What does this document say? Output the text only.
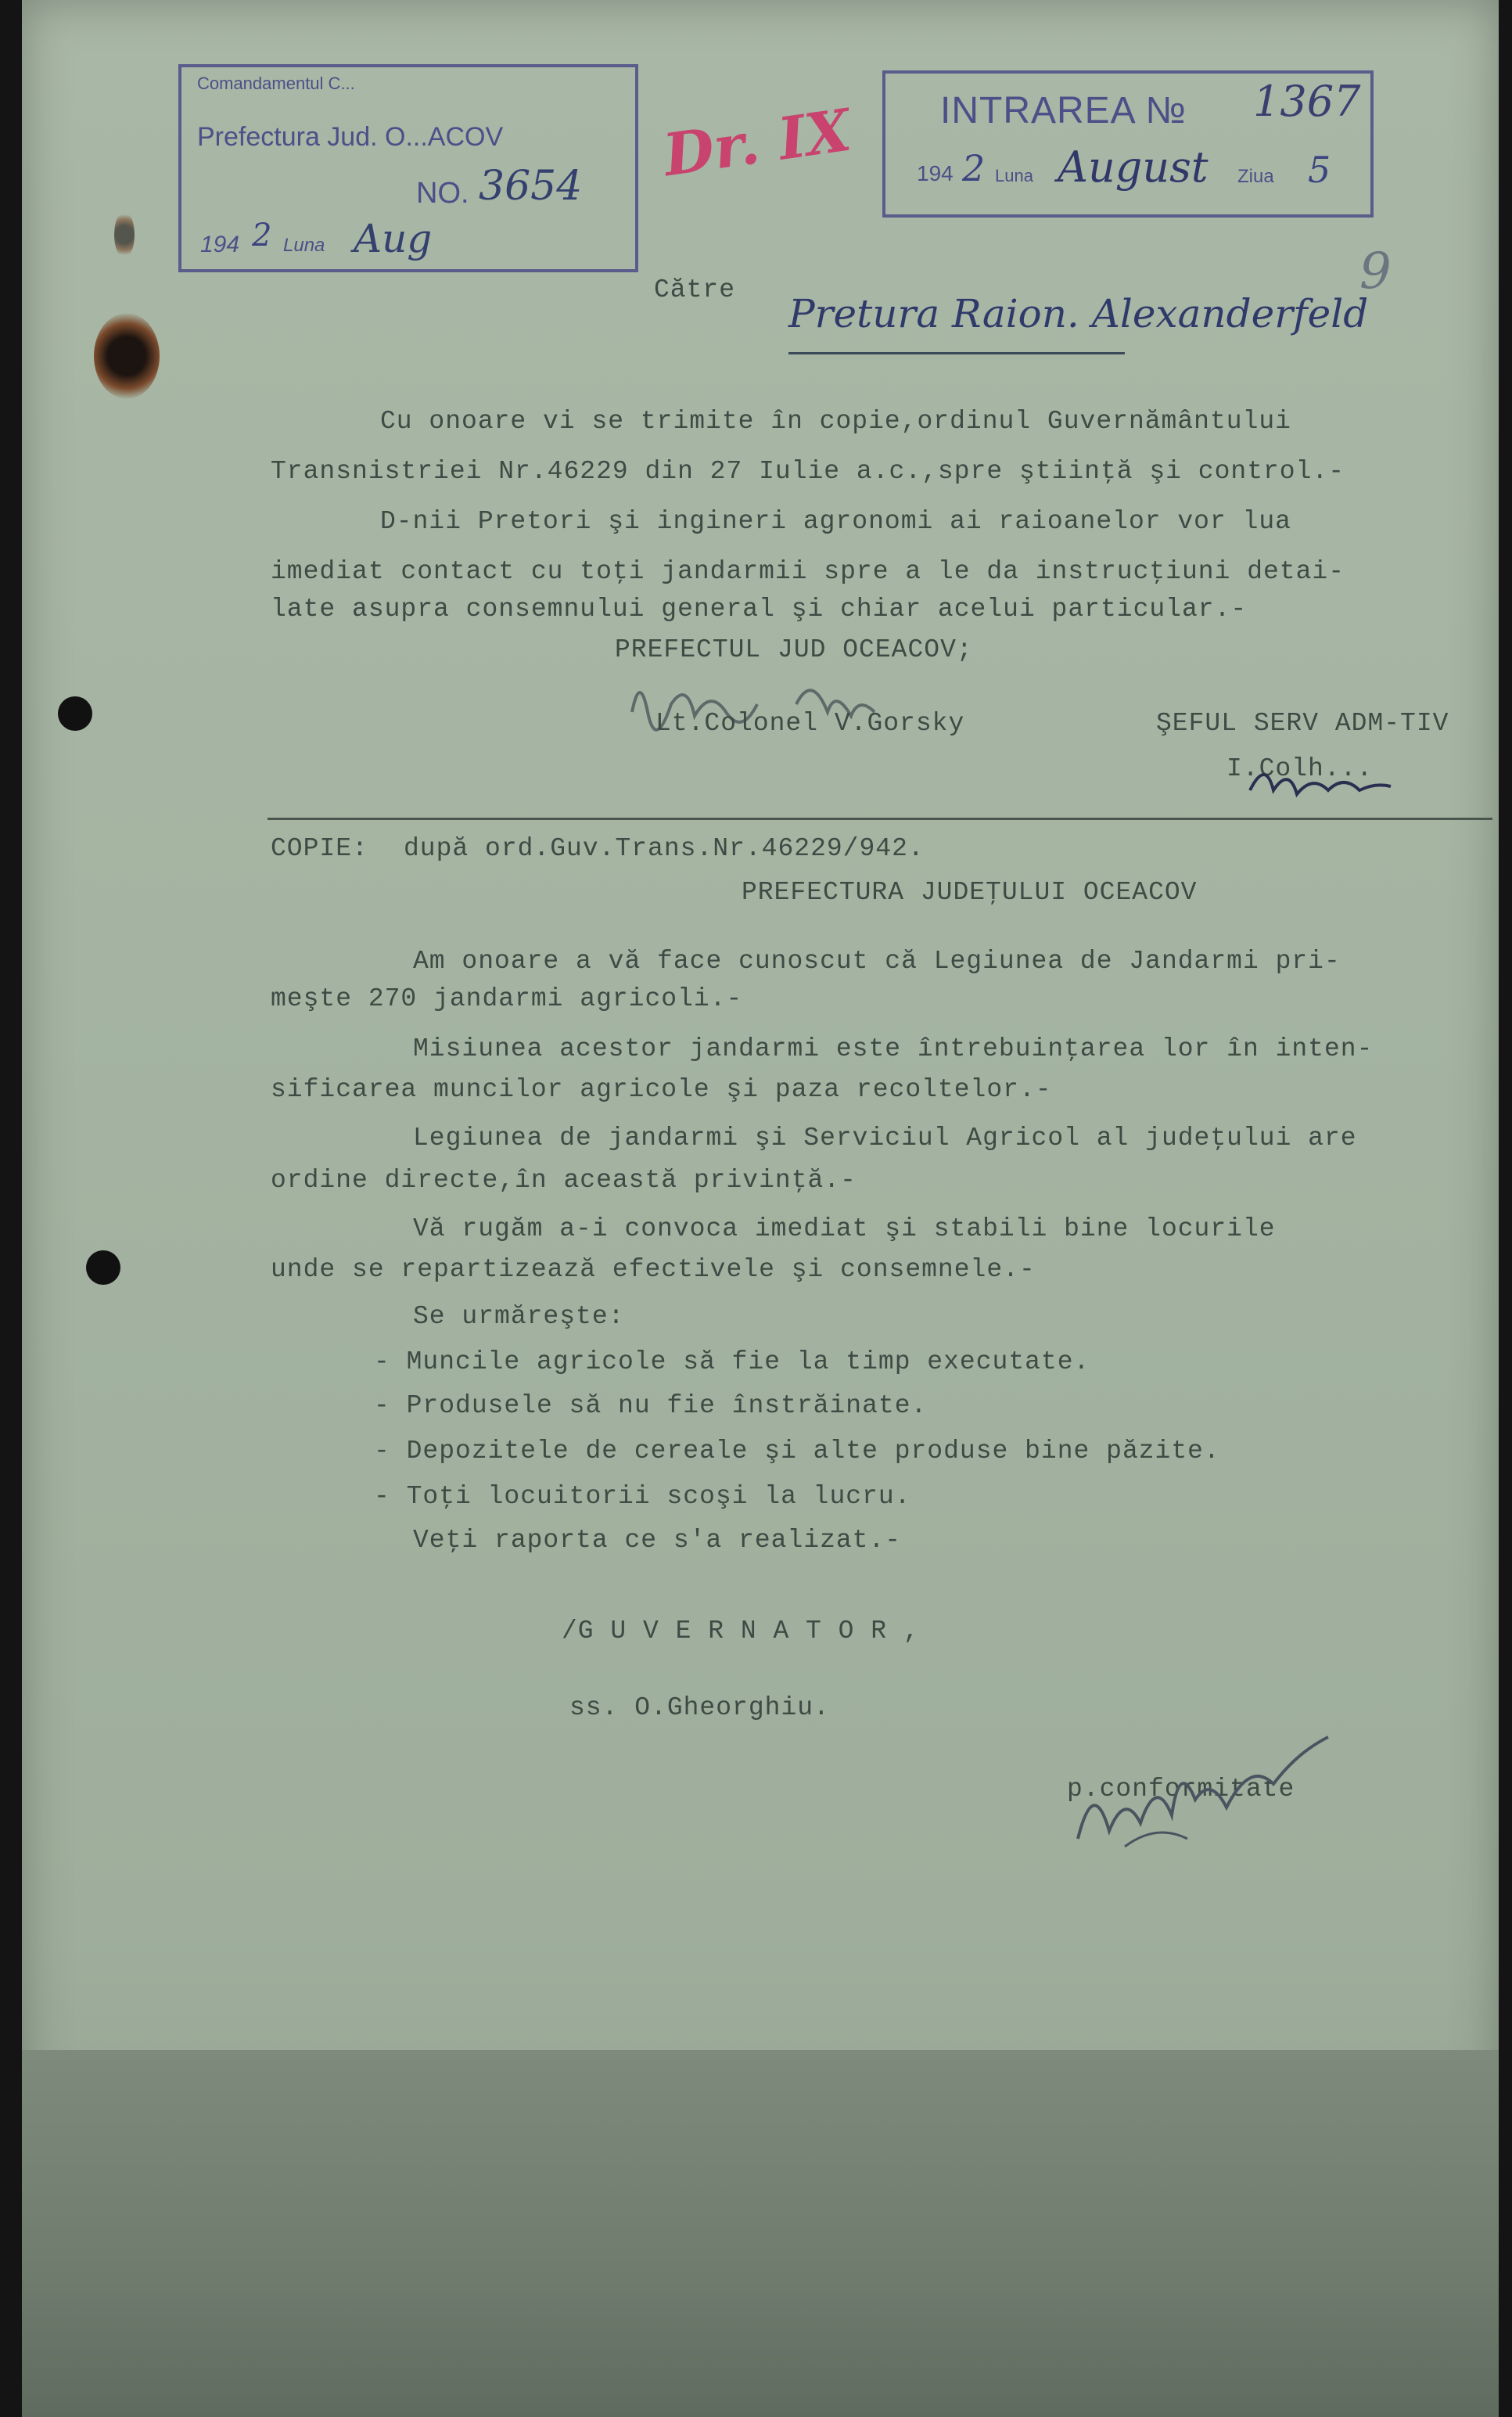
Comandamentul C...
Prefectura Jud. O...ACOV
NO. 3654
194 2 Luna Aug
Dr. IX INTRAREA № 1367
194 2 Luna August Ziua 5
Către
Pretura Raion. Alexanderfeld
9
Cu onoare vi se trimite în copie,ordinul Guvernământului
Transnistriei Nr.46229 din 27 Iulie a.c.,spre ştiinţă şi control.-
D-nii Pretori şi ingineri agronomi ai raioanelor vor lua
imediat contact cu toţi jandarmii spre a le da instrucţiuni detai-
late asupra consemnului general şi chiar acelui particular.-
PREFECTUL JUD OCEACOV;
Lt.Colonel V.Gorsky	ŞEFUL SERV ADM-TIV
I.Colh...
COPIE: după ord.Guv.Trans.Nr.46229/942.
PREFECTURA JUDEŢULUI OCEACOV
Am onoare a vă face cunoscut că Legiunea de Jandarmi pri-
meşte 270 jandarmi agricoli.-
Misiunea acestor jandarmi este întrebuinţarea lor în inten-
sificarea muncilor agricole şi paza recoltelor.-
Legiunea de jandarmi şi Serviciul Agricol al judeţului are
ordine directe,în această privinţă.-
Vă rugăm a-i convoca imediat şi stabili bine locurile
unde se repartizează efectivele şi consemnele.-
Se urmăreşte:
- Muncile agricole să fie la timp executate.
- Produsele să nu fie înstrăinate.
- Depozitele de cereale şi alte produse bine păzite.
- Toţi locuitorii scoşi la lucru.
Veţi raporta ce s'a realizat.-
/G U V E R N A T O R ,
ss. O.Gheorghiu.
p.conformitate
